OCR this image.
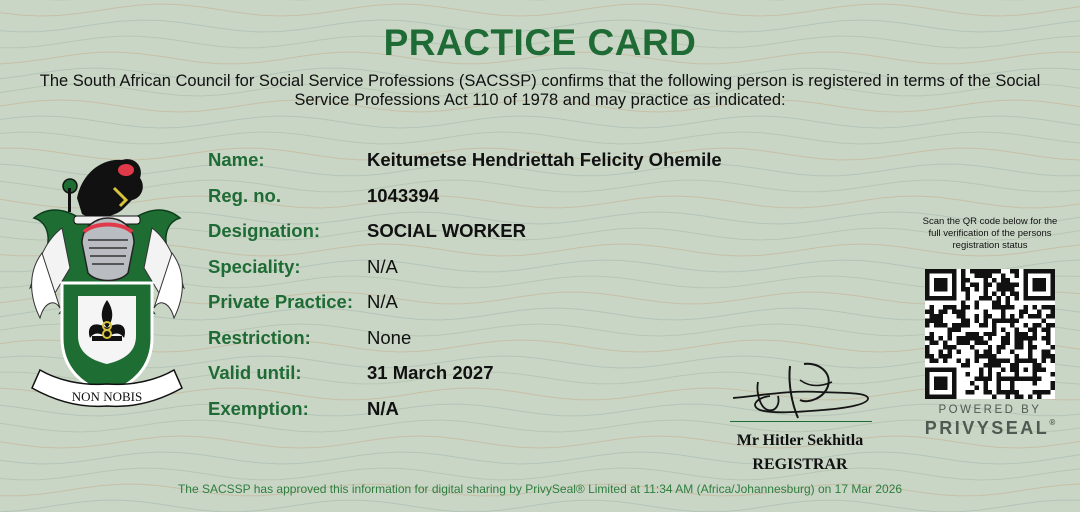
PRACTICE CARD
The South African Council for Social Service Professions (SACSSP) confirms that the following person is registered in terms of the Social Service Professions Act 110 of 1978 and may practice as indicated:
NON NOBIS
Name:	Keitumetse Hendriettah Felicity Ohemile
Reg. no.	1043394
Designation:	SOCIAL WORKER
Speciality:	N/A
Private Practice: N/A
Restriction:	None
Valid until:	31 March 2027
Exemption:	N/A
Mr Hitler Sekhitla
REGISTRAR
Scan the QR code below for the full verification of the persons registration status
POWERED BY
PRIVYSEAL®
The SACSSP has approved this information for digital sharing by PrivySeal® Limited at 11:34 AM (Africa/Johannesburg) on 17 Mar 2026
